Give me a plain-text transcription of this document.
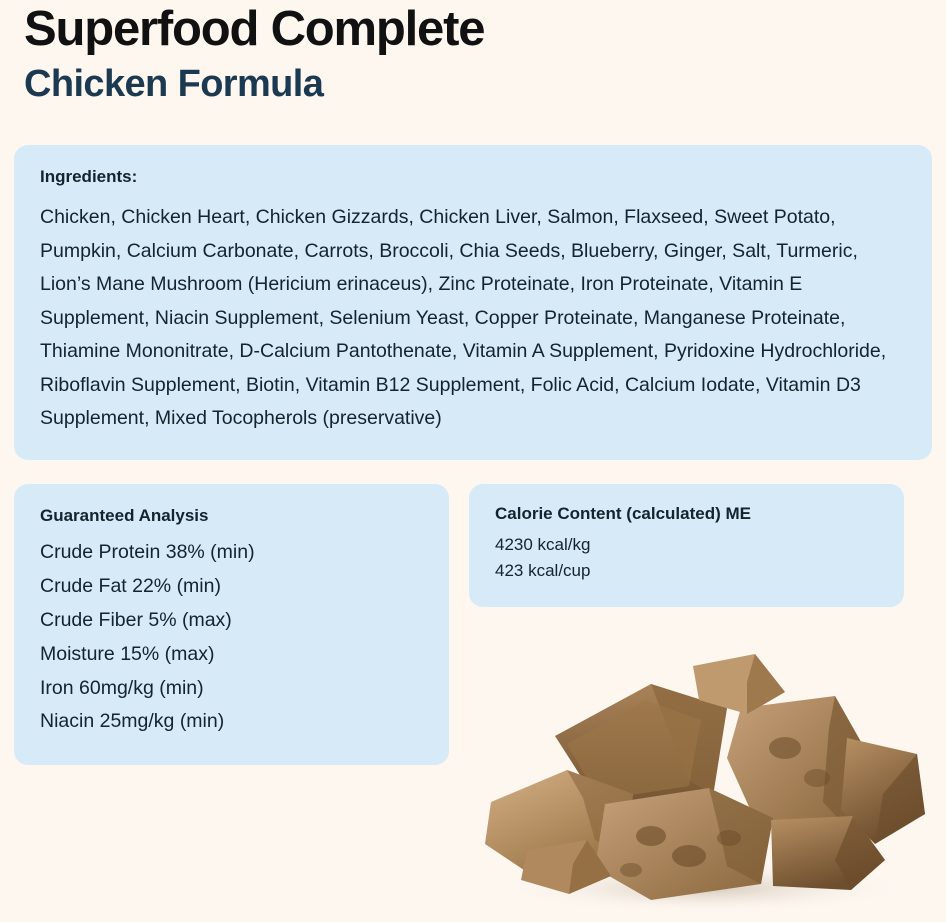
Superfood Complete
Chicken Formula
Ingredients:

Chicken, Chicken Heart, Chicken Gizzards, Chicken Liver, Salmon, Flaxseed, Sweet Potato, Pumpkin, Calcium Carbonate, Carrots, Broccoli, Chia Seeds, Blueberry, Ginger, Salt, Turmeric, Lion’s Mane Mushroom (Hericium erinaceus), Zinc Proteinate, Iron Proteinate, Vitamin E Supplement, Niacin Supplement, Selenium Yeast, Copper Proteinate, Manganese Proteinate, Thiamine Mononitrate, D-Calcium Pantothenate, Vitamin A Supplement, Pyridoxine Hydrochloride, Riboflavin Supplement, Biotin, Vitamin B12 Supplement, Folic Acid, Calcium Iodate, Vitamin D3 Supplement, Mixed Tocopherols (preservative)

Guaranteed Analysis
Crude Protein 38% (min)
Crude Fat 22% (min)
Crude Fiber 5% (max)
Moisture 15% (max)
Iron 60mg/kg (min)
Niacin 25mg/kg (min)
Calorie Content (calculated) ME
4230 kcal/kg
423 kcal/cup
